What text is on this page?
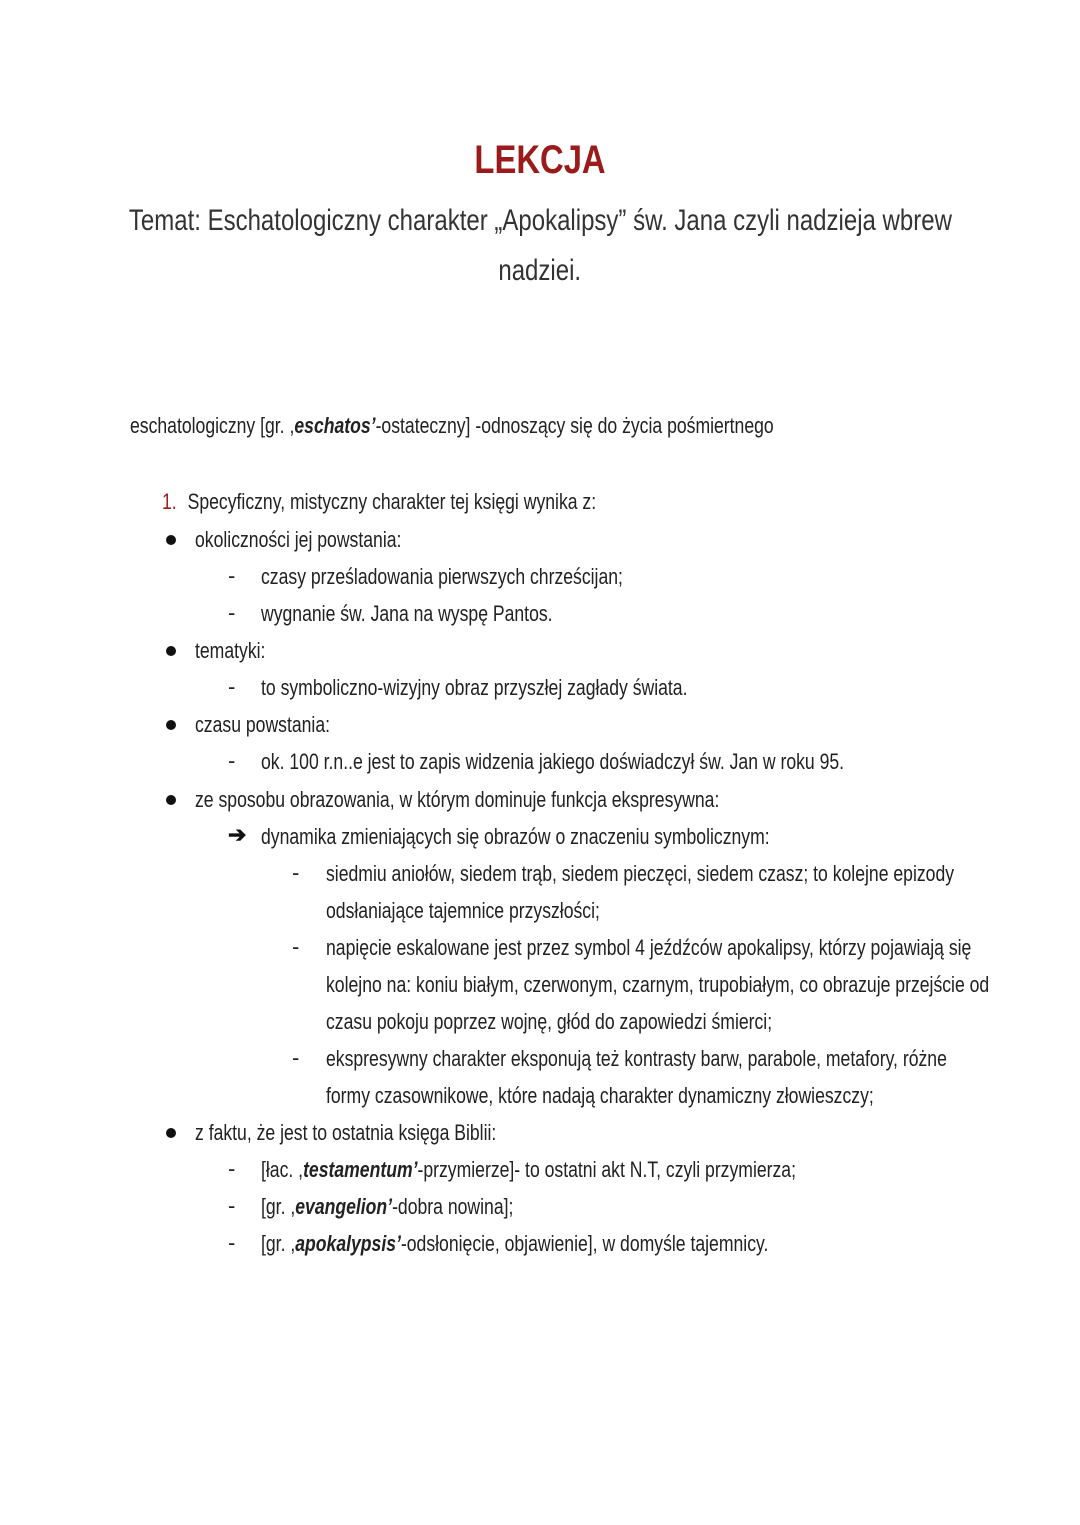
LEKCJA
Temat: Eschatologiczny charakter „Apokalipsy” św. Jana czyli nadzieja wbrew
nadziei.
eschatologiczny [gr. ,eschatos’-ostateczny] -odnoszący się do życia pośmiertnego
1. Specyficzny, mistyczny charakter tej księgi wynika z:
okoliczności jej powstania:
- czasy prześladowania pierwszych chrześcijan;
- wygnanie św. Jana na wyspę Pantos.
tematyki:
- to symboliczno-wizyjny obraz przyszłej zagłady świata.
czasu powstania:
- ok. 100 r.n..e jest to zapis widzenia jakiego doświadczył św. Jan w roku 95.
ze sposobu obrazowania, w którym dominuje funkcja ekspresywna:
➔ dynamika zmieniających się obrazów o znaczeniu symbolicznym:
- siedmiu aniołów, siedem trąb, siedem pieczęci, siedem czasz; to kolejne epizody
odsłaniające tajemnice przyszłości;
- napięcie eskalowane jest przez symbol 4 jeźdźców apokalipsy, którzy pojawiają się
kolejno na: koniu białym, czerwonym, czarnym, trupobiałym, co obrazuje przejście od
czasu pokoju poprzez wojnę, głód do zapowiedzi śmierci;
- ekspresywny charakter eksponują też kontrasty barw, parabole, metafory, różne
formy czasownikowe, które nadają charakter dynamiczny złowieszczy;
z faktu, że jest to ostatnia księga Biblii:
- [łac. ,testamentum’-przymierze]- to ostatni akt N.T, czyli przymierza;
- [gr. ,evangelion’-dobra nowina];
- [gr. ,apokalypsis’-odsłonięcie, objawienie], w domyśle tajemnicy.
